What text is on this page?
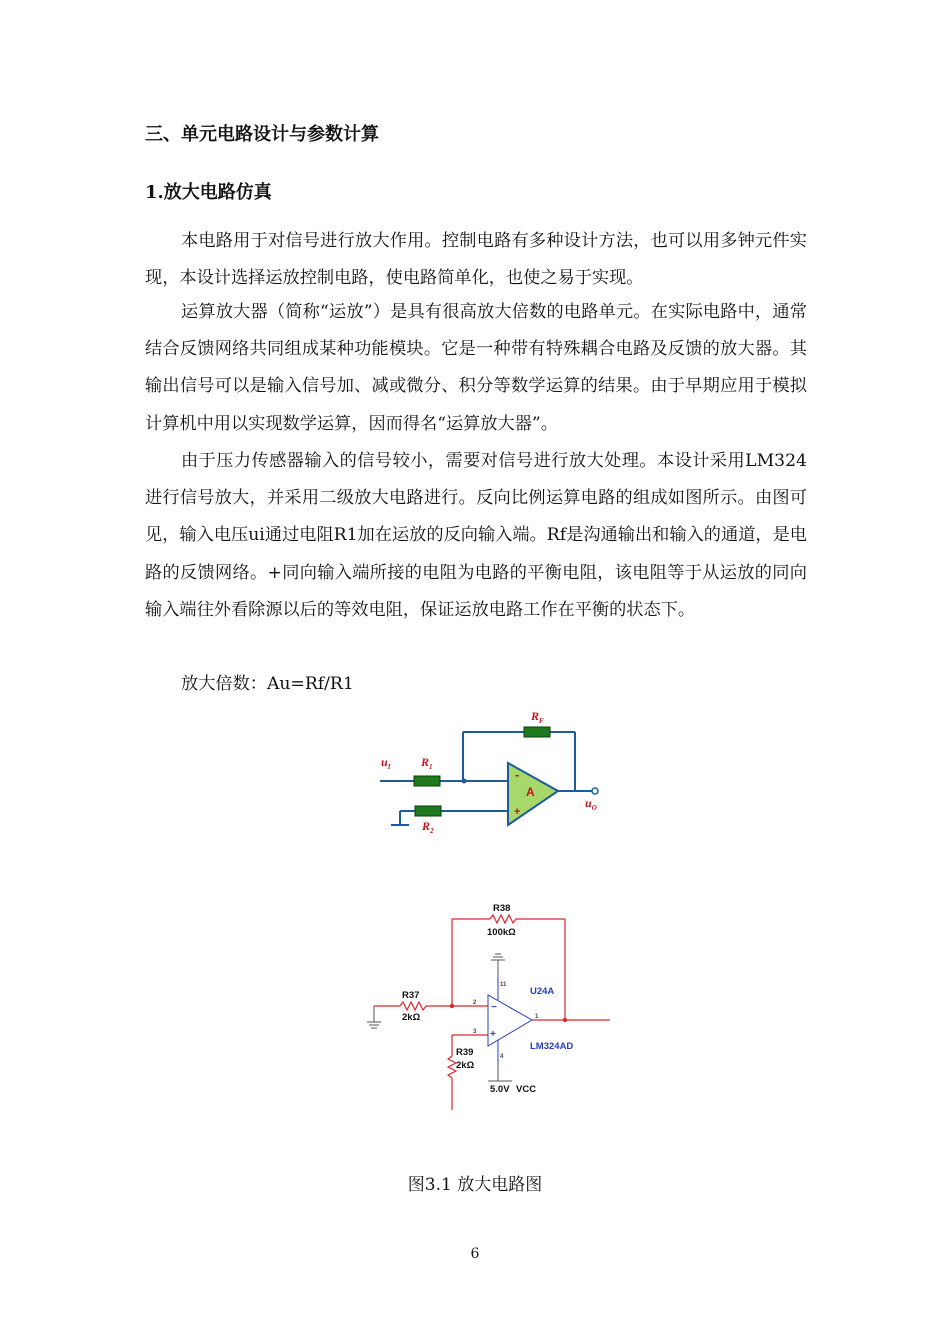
三、单元电路设计与参数计算
1.放大电路仿真

本电路用于对信号进行放大作用。控制电路有多种设计方法，也可以用多钟元件实现，本设计选择运放控制电路，使电路简单化，也使之易于实现。

运算放大器（简称“运放”）是具有很高放大倍数的电路单元。在实际电路中，通常结合反馈网络共同组成某种功能模块。它是一种带有特殊耦合电路及反馈的放大器。其输出信号可以是输入信号加、减或微分、积分等数学运算的结果。由于早期应用于模拟计算机中用以实现数学运算，因而得名“运算放大器”。

由于压力传感器输入的信号较小，需要对信号进行放大处理。本设计采用LM324进行信号放大，并采用二级放大电路进行。反向比例运算电路的组成如图所示。由图可见，输入电压ui通过电阻R1加在运放的反向输入端。Rf是沟通输出和输入的通道，是电路的反馈网络。+同向输入端所接的电阻为电路的平衡电阻，该电阻等于从运放的同向输入端往外看除源以后的等效电阻，保证运放电路工作在平衡的状态下。

放大倍数：Au=Rf/R1

-
+
A
$u_I$	$R_1$
$R_2$
$R_F$
$u_O$
−
+
2
3
1
11
4
R38
100kΩ
R37
2kΩ
R39
2kΩ
U24A
LM324AD
5.0V VCC
图3.1 放大电路图
6
